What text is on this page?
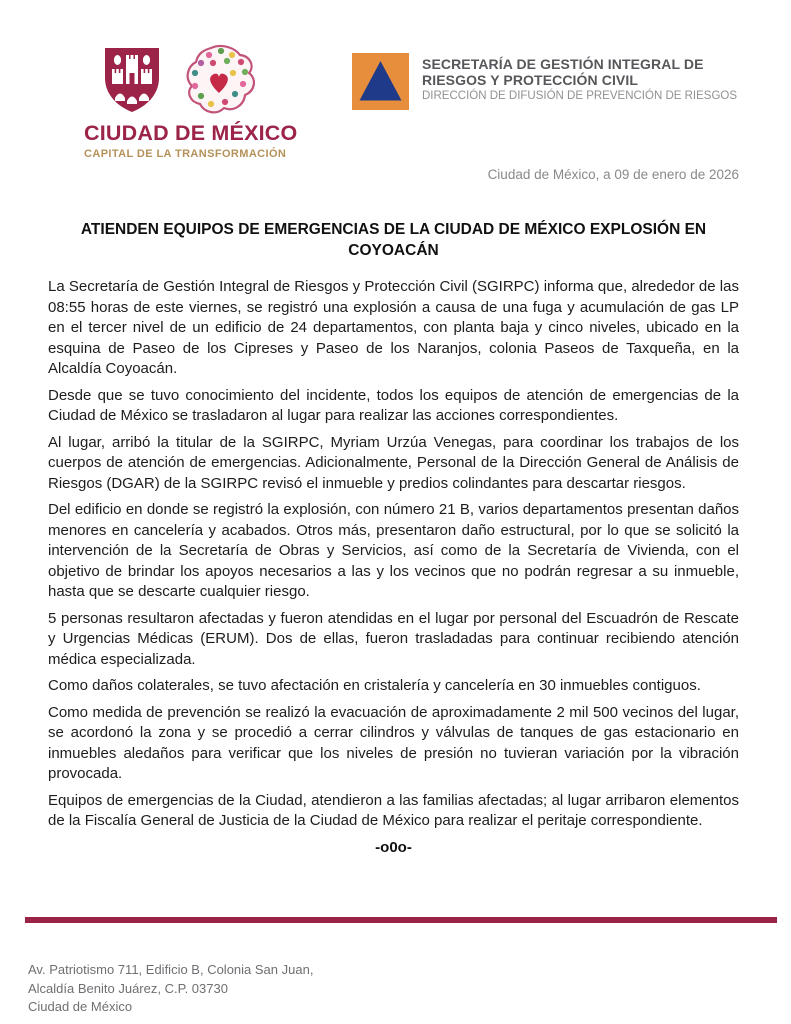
CIUDAD DE MÉXICO
CAPITAL DE LA TRANSFORMACIÓN
SECRETARÍA DE GESTIÓN INTEGRAL DE
RIESGOS Y PROTECCIÓN CIVIL
DIRECCIÓN DE DIFUSIÓN DE PREVENCIÓN DE RIESGOS
Ciudad de México, a 09 de enero de 2026
ATIENDEN EQUIPOS DE EMERGENCIAS DE LA CIUDAD DE MÉXICO EXPLOSIÓN EN COYOACÁN

La Secretaría de Gestión Integral de Riesgos y Protección Civil (SGIRPC) informa que, alrededor de las 08:55 horas de este viernes, se registró una explosión a causa de una fuga y acumulación de gas LP en el tercer nivel de un edificio de 24 departamentos, con planta baja y cinco niveles, ubicado en la esquina de Paseo de los Cipreses y Paseo de los Naranjos, colonia Paseos de Taxqueña, en la Alcaldía Coyoacán.

Desde que se tuvo conocimiento del incidente, todos los equipos de atención de emergencias de la Ciudad de México se trasladaron al lugar para realizar las acciones correspondientes.

Al lugar, arribó la titular de la SGIRPC, Myriam Urzúa Venegas, para coordinar los trabajos de los cuerpos de atención de emergencias. Adicionalmente, Personal de la Dirección General de Análisis de Riesgos (DGAR) de la SGIRPC revisó el inmueble y predios colindantes para descartar riesgos.

Del edificio en donde se registró la explosión, con número 21 B, varios departamentos presentan daños menores en cancelería y acabados. Otros más, presentaron daño estructural, por lo que se solicitó la intervención de la Secretaría de Obras y Servicios, así como de la Secretaría de Vivienda, con el objetivo de brindar los apoyos necesarios a las y los vecinos que no podrán regresar a su inmueble, hasta que se descarte cualquier riesgo.

5 personas resultaron afectadas y fueron atendidas en el lugar por personal del Escuadrón de Rescate y Urgencias Médicas (ERUM). Dos de ellas, fueron trasladadas para continuar recibiendo atención médica especializada.

Como daños colaterales, se tuvo afectación en cristalería y cancelería en 30 inmuebles contiguos.

Como medida de prevención se realizó la evacuación de aproximadamente 2 mil 500 vecinos del lugar, se acordonó la zona y se procedió a cerrar cilindros y válvulas de tanques de gas estacionario en inmuebles aledaños para verificar que los niveles de presión no tuvieran variación por la vibración provocada.

Equipos de emergencias de la Ciudad, atendieron a las familias afectadas; al lugar arribaron elementos de la Fiscalía General de Justicia de la Ciudad de México para realizar el peritaje correspondiente.

-o0o-
Av. Patriotismo 711, Edificio B, Colonia San Juan,
Alcaldía Benito Juárez, C.P. 03730
Ciudad de México
